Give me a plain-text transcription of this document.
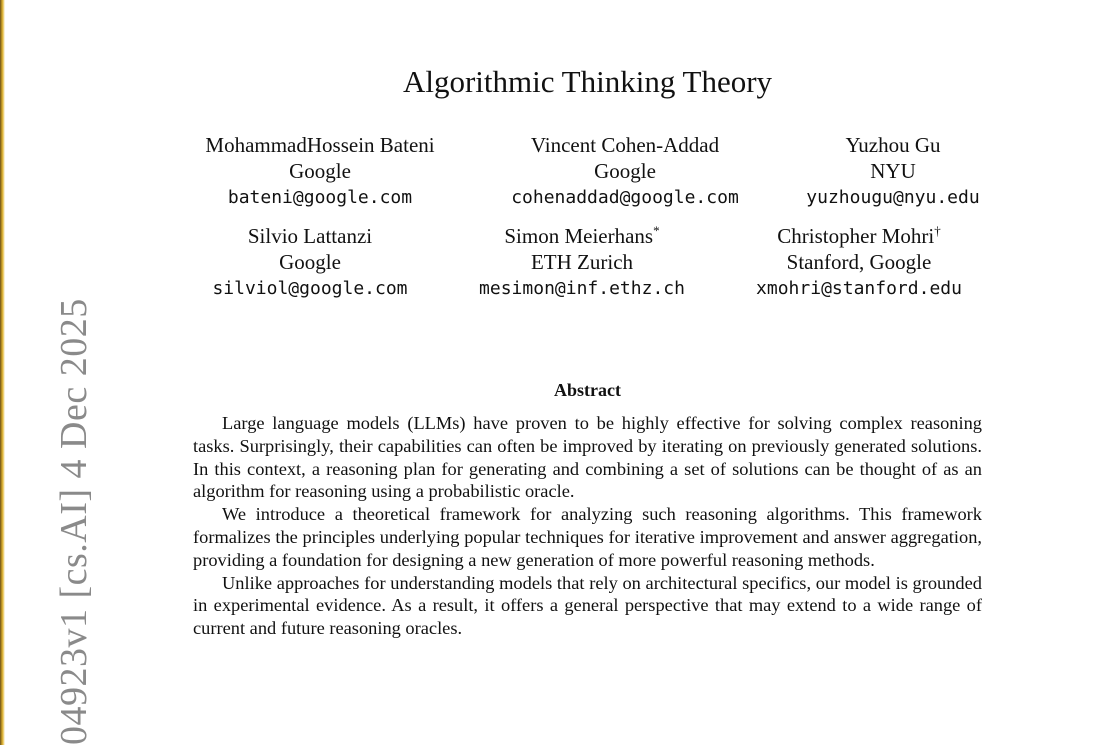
04923v1 [cs.AI] 4 Dec 2025
Algorithmic Thinking Theory
MohammadHossein Bateni
Google
bateni@google.com
Vincent Cohen-Addad
Google
cohenaddad@google.com
Yuzhou Gu
NYU
yuzhougu@nyu.edu
Silvio Lattanzi
Google
silviol@google.com
Simon Meierhans*
ETH Zurich
mesimon@inf.ethz.ch
Christopher Mohri†
Stanford, Google
xmohri@stanford.edu
Abstract

Large language models (LLMs) have proven to be highly effective for solving complex reasoning tasks. Surprisingly, their capabilities can often be improved by iterating on previously generated solutions. In this context, a reasoning plan for generating and combining a set of solutions can be thought of as an algorithm for reasoning using a probabilistic oracle.

We introduce a theoretical framework for analyzing such reasoning algorithms. This framework formalizes the principles underlying popular techniques for iterative improvement and answer aggregation, providing a foundation for designing a new generation of more powerful reasoning methods.

Unlike approaches for understanding models that rely on architectural specifics, our model is grounded in experimental evidence. As a result, it offers a general perspective that may extend to a wide range of current and future reasoning oracles.
